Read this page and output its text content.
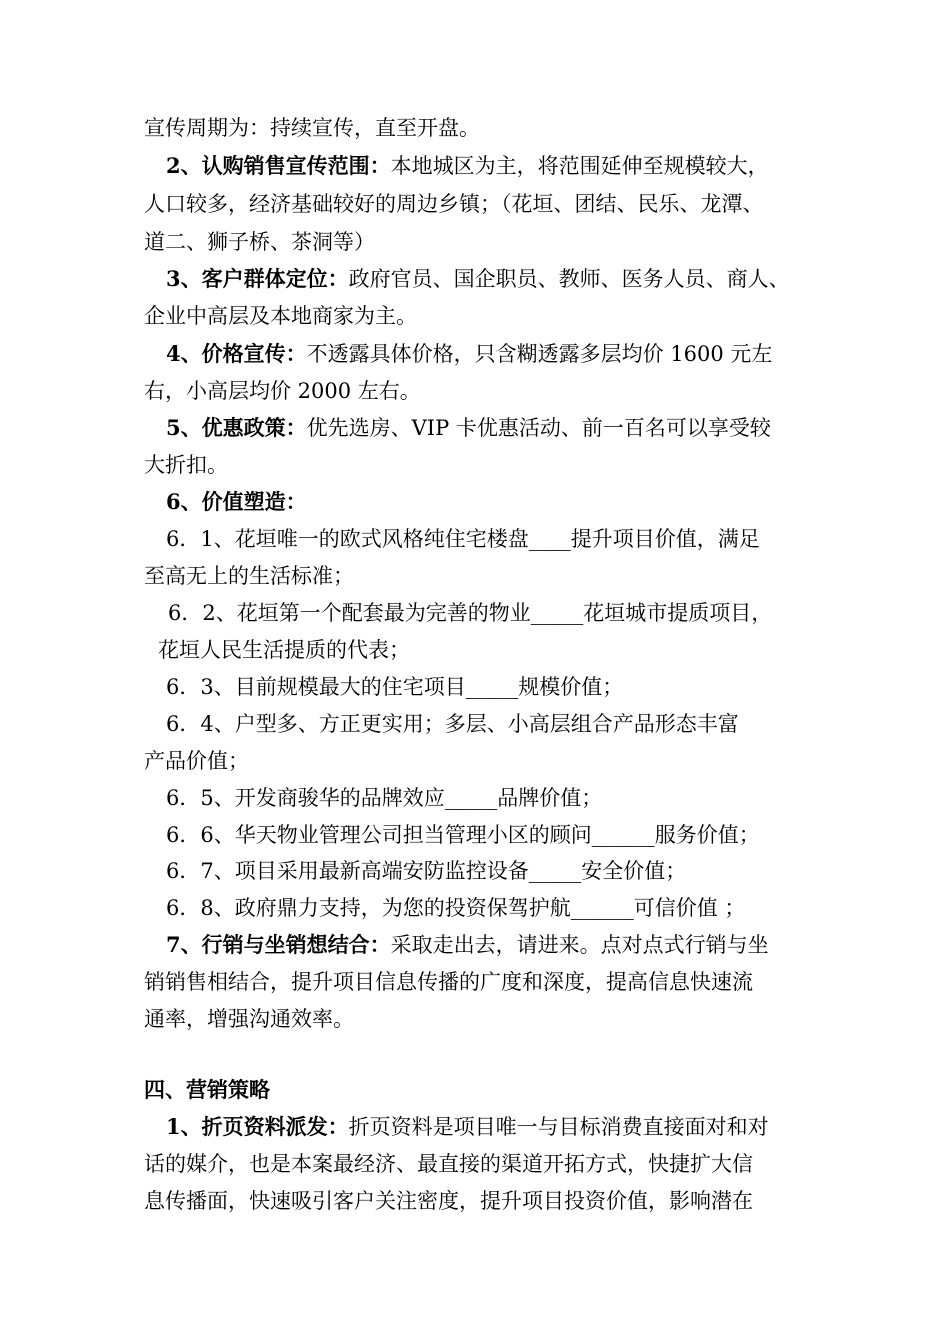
宣传周期为：持续宣传，直至开盘。
2、认购销售宣传范围：本地城区为主，将范围延伸至规模较大，
人口较多，经济基础较好的周边乡镇；（花垣、团结、民乐、龙潭、
道二、狮子桥、茶洞等）
3、客户群体定位：政府官员、国企职员、教师、医务人员、商人、
企业中高层及本地商家为主。
4、价格宣传：不透露具体价格，只含糊透露多层均价 1600 元左
右，小高层均价 2000 左右。
5、优惠政策：优先选房、VIP 卡优惠活动、前一百名可以享受较
大折扣。
6、价值塑造：
6．1、花垣唯一的欧式风格纯住宅楼盘____提升项目价值，满足
至高无上的生活标准；
6．2、花垣第一个配套最为完善的物业_____花垣城市提质项目，
花垣人民生活提质的代表；
6．3、目前规模最大的住宅项目_____规模价值；
6．4、户型多、方正更实用；多层、小高层组合产品形态丰富
产品价值；
6．5、开发商骏华的品牌效应_____品牌价值；
6．6、华天物业管理公司担当管理小区的顾问______服务价值；
6．7、项目采用最新高端安防监控设备_____安全价值；
6．8、政府鼎力支持，为您的投资保驾护航______可信价值 ；
7、行销与坐销想结合：采取走出去，请进来。点对点式行销与坐
销销售相结合，提升项目信息传播的广度和深度，提高信息快速流
通率，增强沟通效率。
四、营销策略
1、折页资料派发：折页资料是项目唯一与目标消费直接面对和对
话的媒介，也是本案最经济、最直接的渠道开拓方式，快捷扩大信
息传播面，快速吸引客户关注密度，提升项目投资价值，影响潜在
